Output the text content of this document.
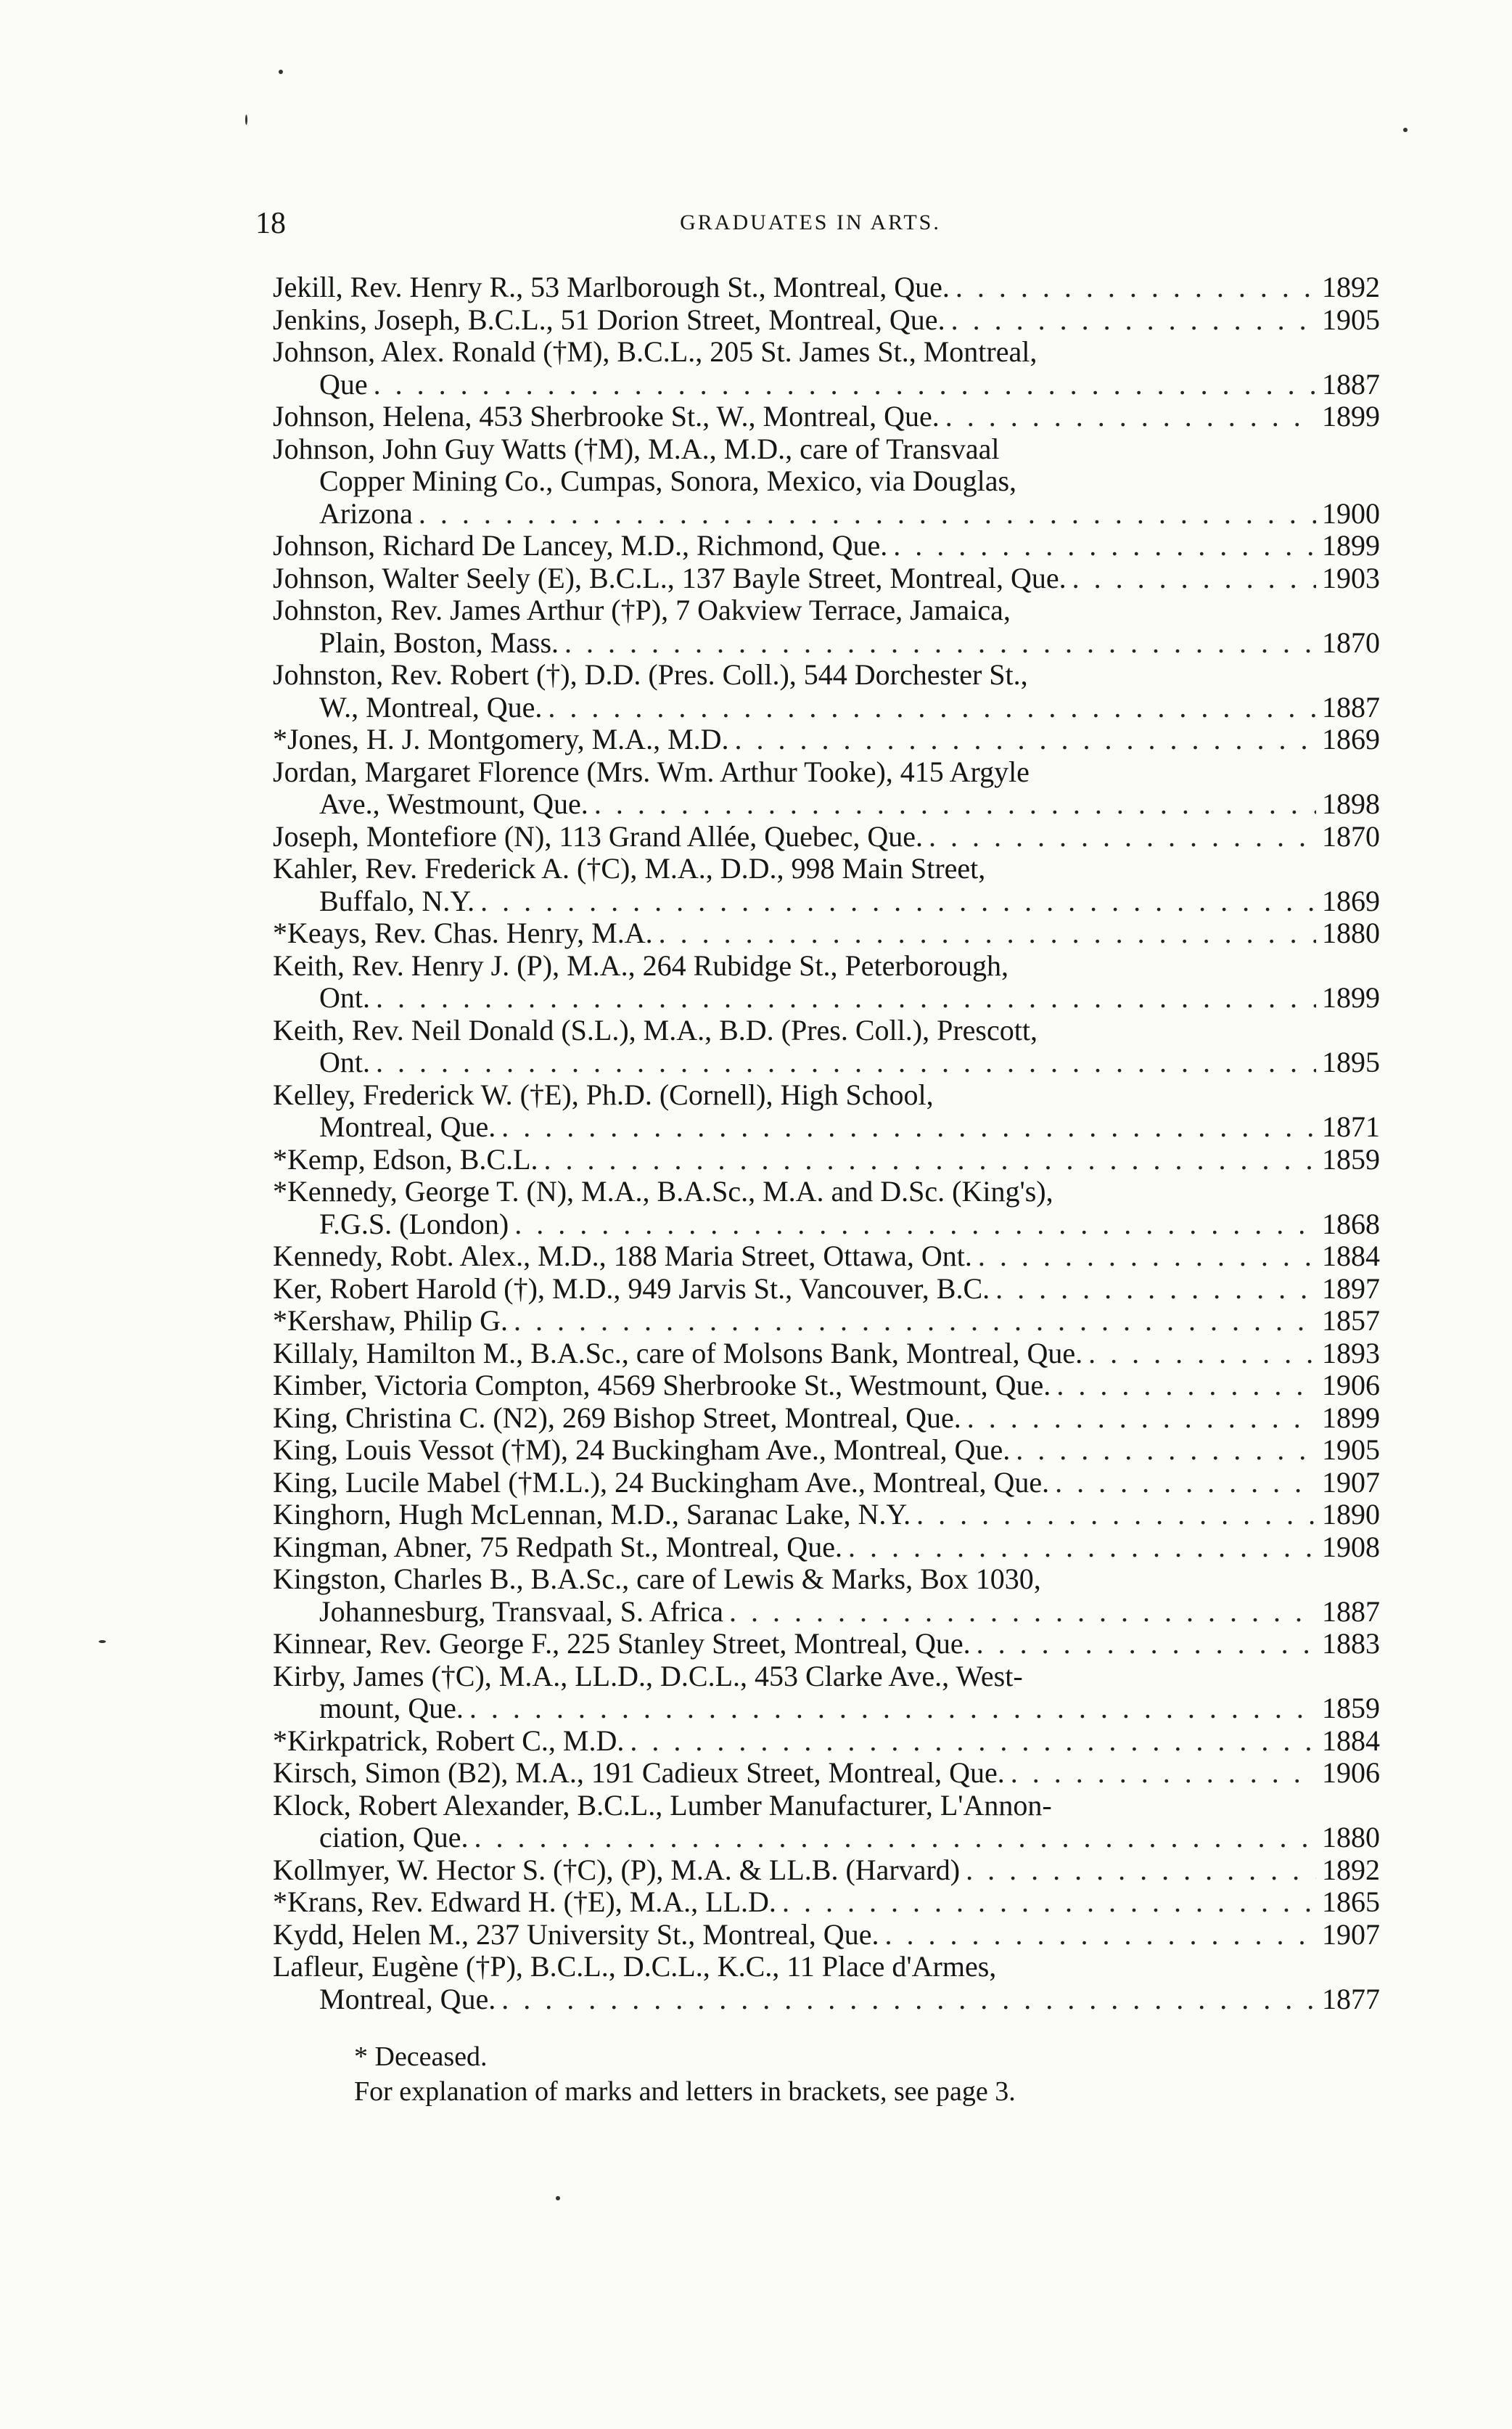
18	GRADUATES IN ARTS.
Jekill, Rev. Henry R., 53 Marlborough St., Montreal, Que. . . .	1892
Jenkins, Joseph, B.C.L., 51 Dorion Street, Montreal, Que. . . .	1905
Johnson, Alex. Ronald (†M), B.C.L., 205 St. James St., Montreal,
Que . . .	1887
Johnson, Helena, 453 Sherbrooke St., W., Montreal, Que. . . .	1899
Johnson, John Guy Watts (†M), M.A., M.D., care of Transvaal
Copper Mining Co., Cumpas, Sonora, Mexico, via Douglas,
Arizona . . .	1900
Johnson, Richard De Lancey, M.D., Richmond, Que. . . .	1899
Johnson, Walter Seely (E), B.C.L., 137 Bayle Street, Montreal, Que. . . .	1903
Johnston, Rev. James Arthur (†P), 7 Oakview Terrace, Jamaica,
Plain, Boston, Mass. . . .	1870
Johnston, Rev. Robert (†), D.D. (Pres. Coll.), 544 Dorchester St.,
W., Montreal, Que. . . .	1887
*Jones, H. J. Montgomery, M.A., M.D. . . .	1869
Jordan, Margaret Florence (Mrs. Wm. Arthur Tooke), 415 Argyle
Ave., Westmount, Que. . . .	1898
Joseph, Montefiore (N), 113 Grand Allée, Quebec, Que. . . .	1870
Kahler, Rev. Frederick A. (†C), M.A., D.D., 998 Main Street,
Buffalo, N.Y. . . .	1869
*Keays, Rev. Chas. Henry, M.A. . . .	1880
Keith, Rev. Henry J. (P), M.A., 264 Rubidge St., Peterborough,
Ont. . . .	1899
Keith, Rev. Neil Donald (S.L.), M.A., B.D. (Pres. Coll.), Prescott,
Ont. . . .	1895
Kelley, Frederick W. (†E), Ph.D. (Cornell), High School,
Montreal, Que. . . .	1871
*Kemp, Edson, B.C.L. . . .	1859
*Kennedy, George T. (N), M.A., B.A.Sc., M.A. and D.Sc. (King's),
F.G.S. (London) . . .	1868
Kennedy, Robt. Alex., M.D., 188 Maria Street, Ottawa, Ont. . . .	1884
Ker, Robert Harold (†), M.D., 949 Jarvis St., Vancouver, B.C. . . .	1897
*Kershaw, Philip G. . . .	1857
Killaly, Hamilton M., B.A.Sc., care of Molsons Bank, Montreal, Que. . . .	1893
Kimber, Victoria Compton, 4569 Sherbrooke St., Westmount, Que. . . .	1906
King, Christina C. (N2), 269 Bishop Street, Montreal, Que. . . .	1899
King, Louis Vessot (†M), 24 Buckingham Ave., Montreal, Que. . . .	1905
King, Lucile Mabel (†M.L.), 24 Buckingham Ave., Montreal, Que. . . .	1907
Kinghorn, Hugh McLennan, M.D., Saranac Lake, N.Y. . . .	1890
Kingman, Abner, 75 Redpath St., Montreal, Que. . . .	1908
Kingston, Charles B., B.A.Sc., care of Lewis & Marks, Box 1030,
Johannesburg, Transvaal, S. Africa . . .	1887
Kinnear, Rev. George F., 225 Stanley Street, Montreal, Que. . . .	1883
Kirby, James (†C), M.A., LL.D., D.C.L., 453 Clarke Ave., West-
mount, Que. . . .	1859
*Kirkpatrick, Robert C., M.D. . . .	1884
Kirsch, Simon (B2), M.A., 191 Cadieux Street, Montreal, Que. . . .	1906
Klock, Robert Alexander, B.C.L., Lumber Manufacturer, L'Annon-
ciation, Que. . . .	1880
Kollmyer, W. Hector S. (†C), (P), M.A. & LL.B. (Harvard) . . .	1892
*Krans, Rev. Edward H. (†E), M.A., LL.D. . . .	1865
Kydd, Helen M., 237 University St., Montreal, Que. . . .	1907
Lafleur, Eugène (†P), B.C.L., D.C.L., K.C., 11 Place d'Armes,
Montreal, Que. . . .	1877
* Deceased.
For explanation of marks and letters in brackets, see page 3.
